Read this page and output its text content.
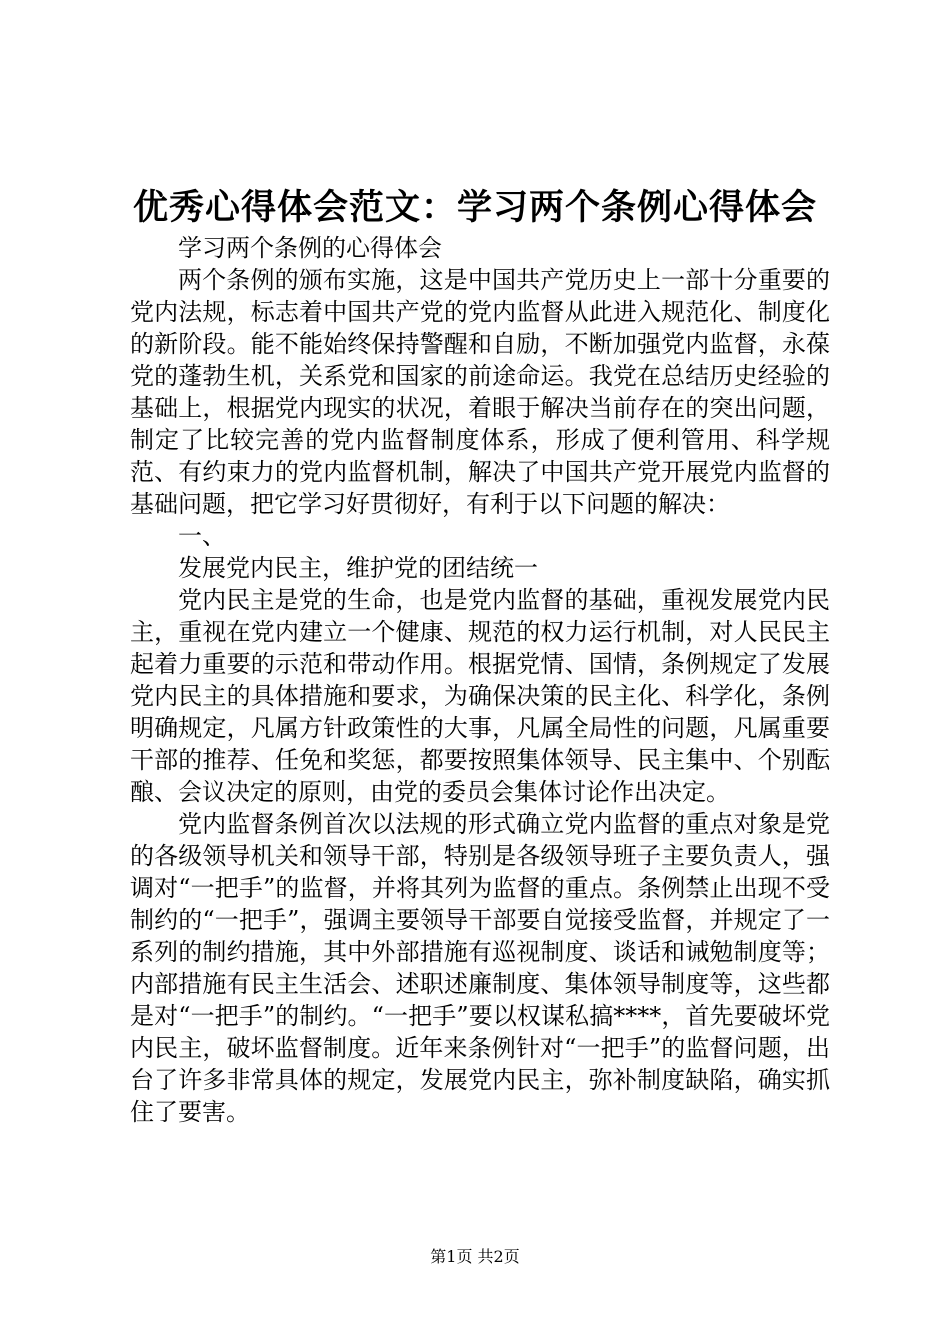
优秀心得体会范文：学习两个条例心得体会

学习两个条例的心得体会

两个条例的颁布实施，这是中国共产党历史上一部十分重要的党内法规，标志着中国共产党的党内监督从此进入规范化、制度化的新阶段。能不能始终保持警醒和自励，不断加强党内监督，永葆党的蓬勃生机，关系党和国家的前途命运。我党在总结历史经验的基础上，根据党内现实的状况，着眼于解决当前存在的突出问题，制定了比较完善的党内监督制度体系，形成了便利管用、科学规范、有约束力的党内监督机制，解决了中国共产党开展党内监督的基础问题，把它学习好贯彻好，有利于以下问题的解决：

一、

发展党内民主，维护党的团结统一

党内民主是党的生命，也是党内监督的基础，重视发展党内民主，重视在党内建立一个健康、规范的权力运行机制，对人民民主起着力重要的示范和带动作用。根据党情、国情，条例规定了发展党内民主的具体措施和要求，为确保决策的民主化、科学化，条例明确规定，凡属方针政策性的大事，凡属全局性的问题，凡属重要干部的推荐、任免和奖惩，都要按照集体领导、民主集中、个别酝酿、会议决定的原则，由党的委员会集体讨论作出决定。

党内监督条例首次以法规的形式确立党内监督的重点对象是党的各级领导机关和领导干部，特别是各级领导班子主要负责人，强调对“一把手”的监督，并将其列为监督的重点。条例禁止出现不受制约的“一把手”，强调主要领导干部要自觉接受监督，并规定了一系列的制约措施，其中外部措施有巡视制度、谈话和诫勉制度等；内部措施有民主生活会、述职述廉制度、集体领导制度等，这些都是对“一把手”的制约。“一把手”要以权谋私搞****，首先要破坏党内民主，破坏监督制度。近年来条例针对“一把手”的监督问题，出台了许多非常具体的规定，发展党内民主，弥补制度缺陷，确实抓住了要害。

第1页 共2页
